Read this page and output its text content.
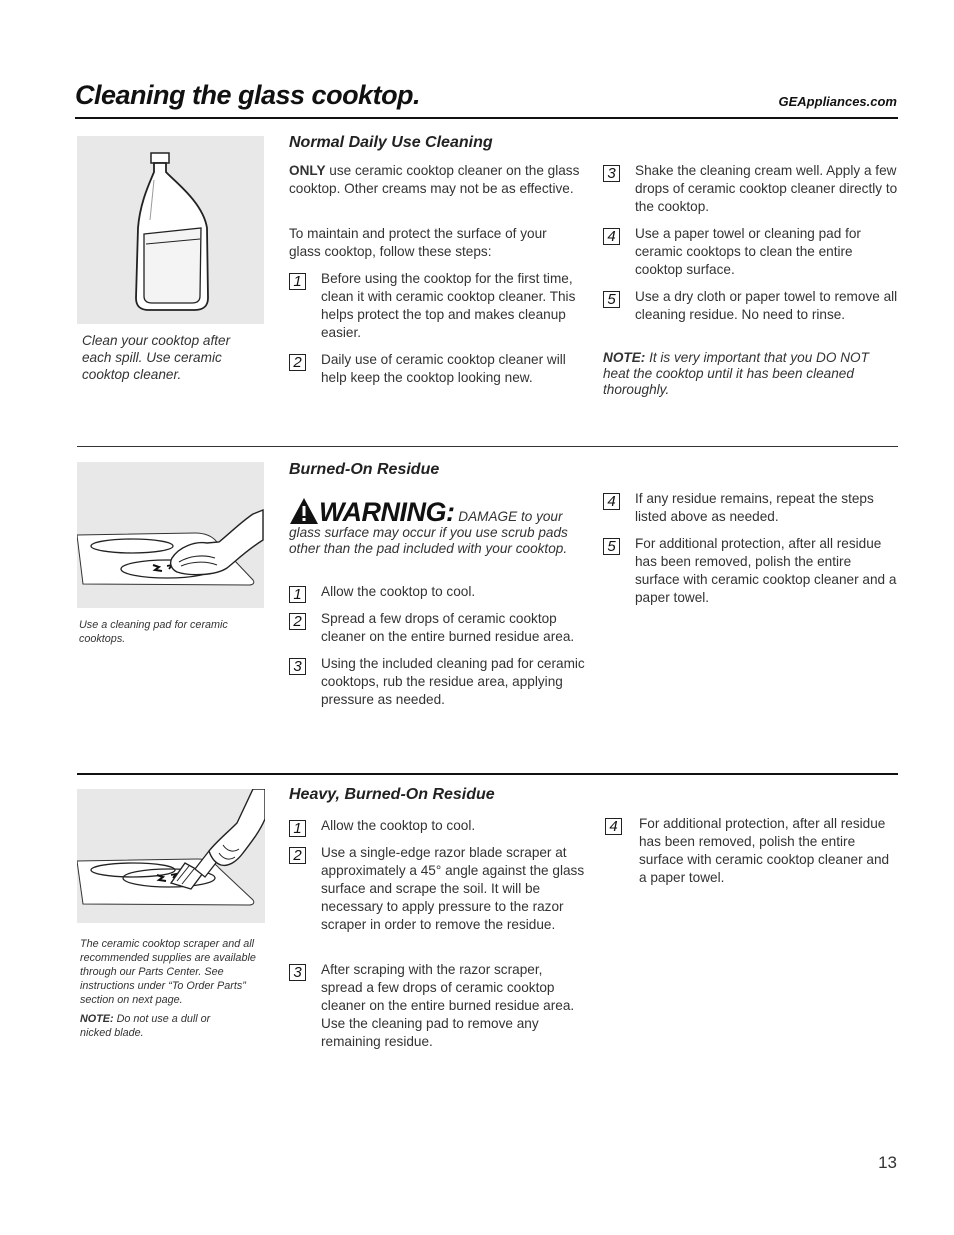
Cleaning the glass cooktop.	GEAppliances.com
Clean your cooktop after each spill. Use ceramic cooktop cleaner.
Normal Daily Use Cleaning
ONLY use ceramic cooktop cleaner on the glass cooktop. Other creams may not be as effective.
To maintain and protect the surface of your glass cooktop, follow these steps:
1	Before using the cooktop for the first time, clean it with ceramic cooktop cleaner. This helps protect the top and makes cleanup easier.
2	Daily use of ceramic cooktop cleaner will help keep the cooktop looking new.
3	Shake the cleaning cream well. Apply a few drops of ceramic cooktop cleaner directly to the cooktop.
4	Use a paper towel or cleaning pad for ceramic cooktops to clean the entire cooktop surface.
5	Use a dry cloth or paper towel to remove all cleaning residue. No need to rinse.
NOTE: It is very important that you DO NOT heat the cooktop until it has been cleaned thoroughly.
Use a cleaning pad for ceramic cooktops.
Burned-On Residue
WARNING: DAMAGE to your glass surface may occur if you use scrub pads other than the pad included with your cooktop.
1	Allow the cooktop to cool.
2	Spread a few drops of ceramic cooktop cleaner on the entire burned residue area.
3	Using the included cleaning pad for ceramic cooktops, rub the residue area, applying pressure as needed.
4	If any residue remains, repeat the steps listed above as needed.
5	For additional protection, after all residue has been removed, polish the entire surface with ceramic cooktop cleaner and a paper towel.
The ceramic cooktop scraper and all recommended supplies are available through our Parts Center. See instructions under “To Order Parts” section on next page.
NOTE: Do not use a dull or nicked blade.
Heavy, Burned-On Residue
1	Allow the cooktop to cool.
2	Use a single-edge razor blade scraper at approximately a 45° angle against the glass surface and scrape the soil. It will be necessary to apply pressure to the razor scraper in order to remove the residue.
3	After scraping with the razor scraper, spread a few drops of ceramic cooktop cleaner on the entire burned residue area. Use the cleaning pad to remove any remaining residue.
4	For additional protection, after all residue has been removed, polish the entire surface with ceramic cooktop cleaner and a paper towel.
13
